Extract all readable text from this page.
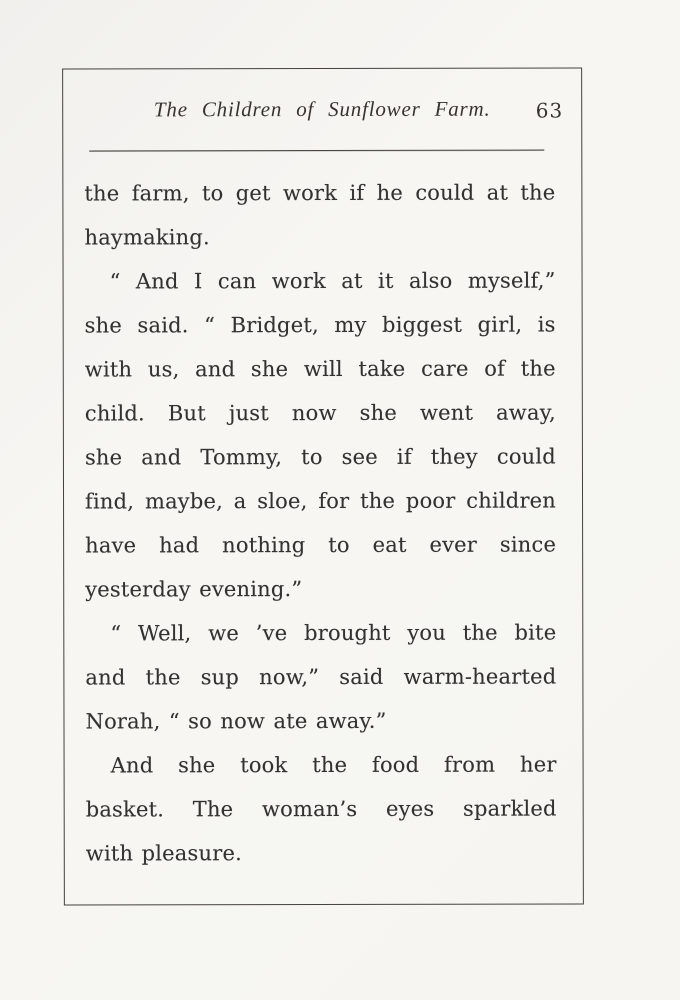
The Children of Sunflower Farm. 63
the farm, to get work if he could at the
haymaking.
“ And I can work at it also myself,”
she said. “ Bridget, my biggest girl, is
with us, and she will take care of the
child. But just now she went away,
she and Tommy, to see if they could
find, maybe, a sloe, for the poor children
have had nothing to eat ever since
yesterday evening.”
“ Well, we ’ve brought you the bite
and the sup now,” said warm-hearted
Norah, “ so now ate away.”
And she took the food from her
basket. The woman’s eyes sparkled
with pleasure.
